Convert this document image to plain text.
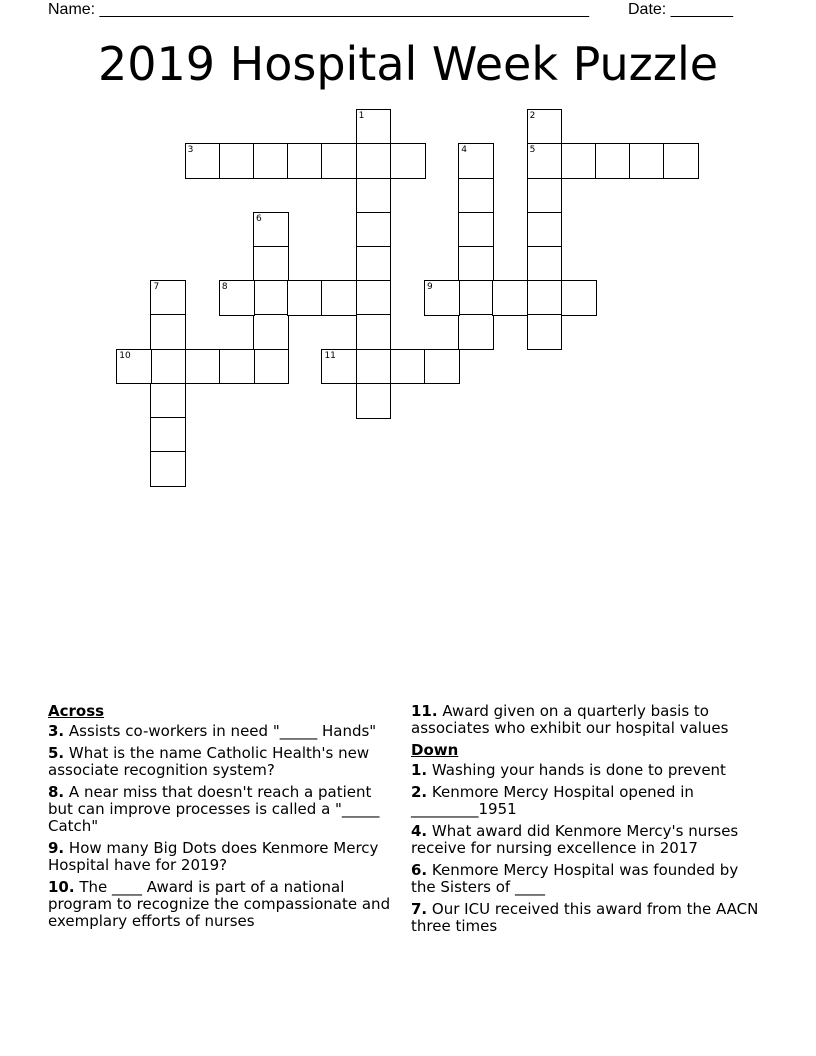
Name: _______________________________________________________ Date: _______
2019 Hospital Week Puzzle
1	2
5
3	4
6
7	8	9
10	11
Across
3. Assists co-workers in need "_____ Hands"
5. What is the name Catholic Health's new associate recognition system?
8. A near miss that doesn't reach a patient but can improve processes is called a "_____ Catch"
9. How many Big Dots does Kenmore Mercy Hospital have for 2019?
10. The ____ Award is part of a national program to recognize the compassionate and exemplary efforts of nurses
11. Award given on a quarterly basis to associates who exhibit our hospital values
Down
1. Washing your hands is done to prevent
2. Kenmore Mercy Hospital opened in _________1951
4. What award did Kenmore Mercy's nurses receive for nursing excellence in 2017
6. Kenmore Mercy Hospital was founded by the Sisters of ____
7. Our ICU received this award from the AACN three times
